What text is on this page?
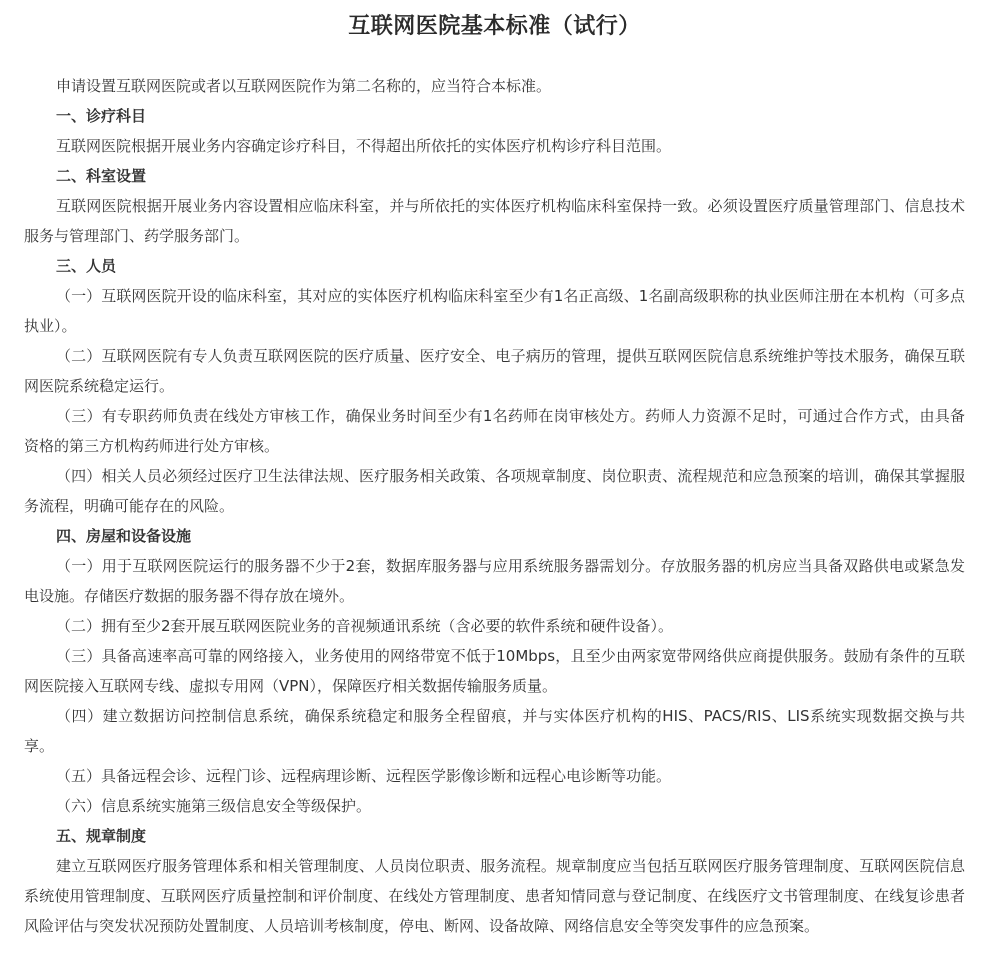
互联网医院基本标准（试行）

申请设置互联网医院或者以互联网医院作为第二名称的，应当符合本标准。

一、诊疗科目

互联网医院根据开展业务内容确定诊疗科目，不得超出所依托的实体医疗机构诊疗科目范围。

二、科室设置

互联网医院根据开展业务内容设置相应临床科室，并与所依托的实体医疗机构临床科室保持一致。必须设置医疗质量管理部门、信息技术服务与管理部门、药学服务部门。

三、人员

（一）互联网医院开设的临床科室，其对应的实体医疗机构临床科室至少有1名正高级、1名副高级职称的执业医师注册在本机构（可多点执业）。

（二）互联网医院有专人负责互联网医院的医疗质量、医疗安全、电子病历的管理，提供互联网医院信息系统维护等技术服务，确保互联网医院系统稳定运行。

（三）有专职药师负责在线处方审核工作，确保业务时间至少有1名药师在岗审核处方。药师人力资源不足时，可通过合作方式，由具备资格的第三方机构药师进行处方审核。

（四）相关人员必须经过医疗卫生法律法规、医疗服务相关政策、各项规章制度、岗位职责、流程规范和应急预案的培训，确保其掌握服务流程，明确可能存在的风险。

四、房屋和设备设施

（一）用于互联网医院运行的服务器不少于2套，数据库服务器与应用系统服务器需划分。存放服务器的机房应当具备双路供电或紧急发电设施。存储医疗数据的服务器不得存放在境外。

（二）拥有至少2套开展互联网医院业务的音视频通讯系统（含必要的软件系统和硬件设备）。

（三）具备高速率高可靠的网络接入，业务使用的网络带宽不低于10Mbps，且至少由两家宽带网络供应商提供服务。鼓励有条件的互联网医院接入互联网专线、虚拟专用网（VPN），保障医疗相关数据传输服务质量。

（四）建立数据访问控制信息系统，确保系统稳定和服务全程留痕，并与实体医疗机构的HIS、PACS/RIS、LIS系统实现数据交换与共享。

（五）具备远程会诊、远程门诊、远程病理诊断、远程医学影像诊断和远程心电诊断等功能。

（六）信息系统实施第三级信息安全等级保护。

五、规章制度

建立互联网医疗服务管理体系和相关管理制度、人员岗位职责、服务流程。规章制度应当包括互联网医疗服务管理制度、互联网医院信息系统使用管理制度、互联网医疗质量控制和评价制度、在线处方管理制度、患者知情同意与登记制度、在线医疗文书管理制度、在线复诊患者风险评估与突发状况预防处置制度、人员培训考核制度，停电、断网、设备故障、网络信息安全等突发事件的应急预案。
